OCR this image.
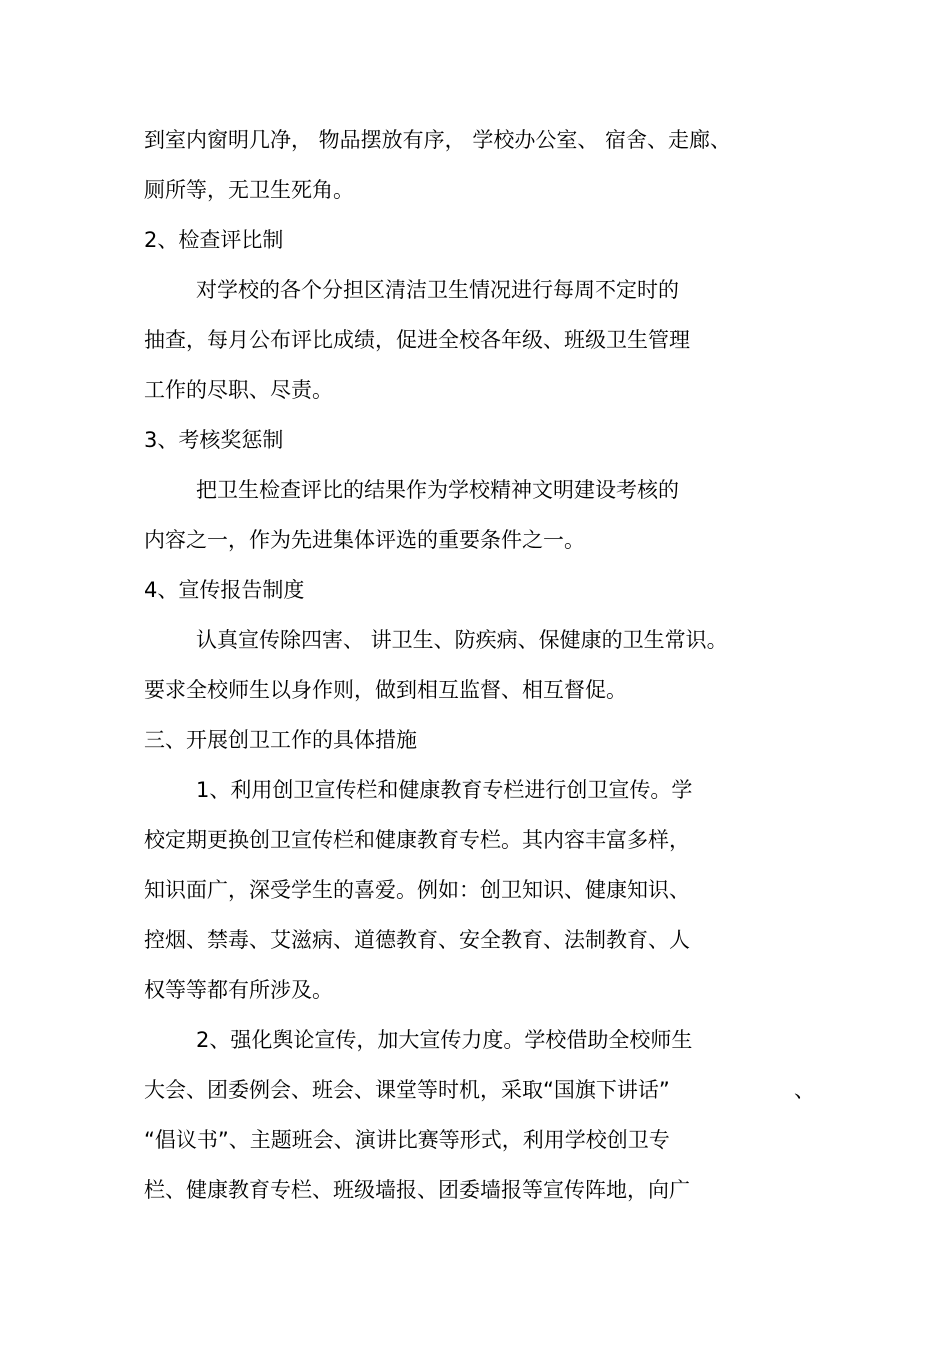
到室内窗明几净， 物品摆放有序， 学校办公室、 宿舍、走廊、

厕所等，无卫生死角。

2、检查评比制

对学校的各个分担区清洁卫生情况进行每周不定时的

抽查，每月公布评比成绩，促进全校各年级、班级卫生管理

工作的尽职、尽责。

3、考核奖惩制

把卫生检查评比的结果作为学校精神文明建设考核的

内容之一，作为先进集体评选的重要条件之一。

4、宣传报告制度

认真宣传除四害、 讲卫生、防疾病、保健康的卫生常识。

要求全校师生以身作则，做到相互监督、相互督促。

三、开展创卫工作的具体措施

1、利用创卫宣传栏和健康教育专栏进行创卫宣传。学

校定期更换创卫宣传栏和健康教育专栏。其内容丰富多样，

知识面广，深受学生的喜爱。例如：创卫知识、健康知识、

控烟、禁毒、艾滋病、道德教育、安全教育、法制教育、人

权等等都有所涉及。

2、强化舆论宣传，加大宣传力度。学校借助全校师生

大会、团委例会、班会、课堂等时机，采取“国旗下讲话”	、

“倡议书”、主题班会、演讲比赛等形式，利用学校创卫专

栏、健康教育专栏、班级墙报、团委墙报等宣传阵地，向广
